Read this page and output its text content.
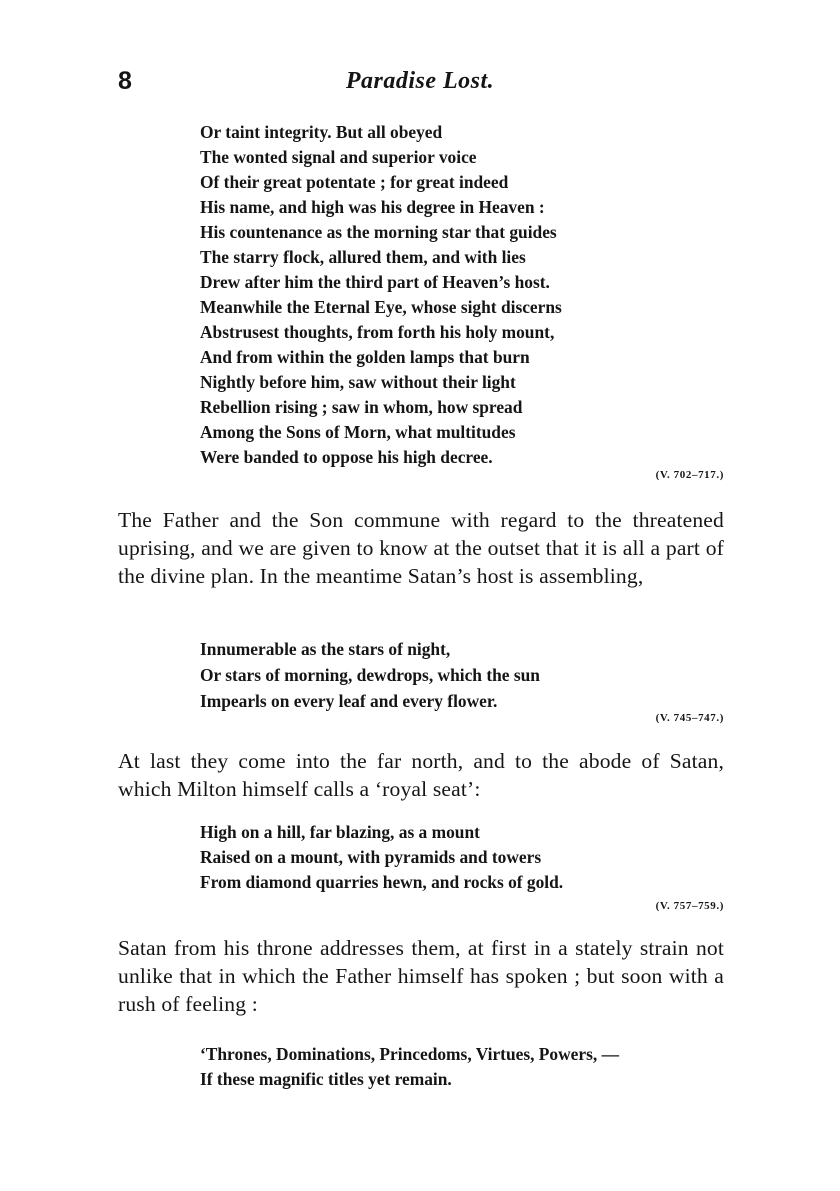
8	Paradise Lost.
Or taint integrity. But all obeyed
The wonted signal and superior voice
Of their great potentate ; for great indeed
His name, and high was his degree in Heaven :
His countenance as the morning star that guides
The starry flock, allured them, and with lies
Drew after him the third part of Heaven’s host.
Meanwhile the Eternal Eye, whose sight discerns
Abstrusest thoughts, from forth his holy mount,
And from within the golden lamps that burn
Nightly before him, saw without their light
Rebellion rising ; saw in whom, how spread
Among the Sons of Morn, what multitudes
Were banded to oppose his high decree.
(V. 702–717.)
The Father and the Son commune with regard to the threatened uprising, and we are given to know at the outset that it is all a part of the divine plan. In the meantime Satan’s host is assembling,
Innumerable as the stars of night,
Or stars of morning, dewdrops, which the sun
Impearls on every leaf and every flower.
(V. 745–747.)
At last they come into the far north, and to the abode of Satan, which Milton himself calls a ‘royal seat’:
High on a hill, far blazing, as a mount
Raised on a mount, with pyramids and towers
From diamond quarries hewn, and rocks of gold.
(V. 757–759.)
Satan from his throne addresses them, at first in a stately strain not unlike that in which the Father himself has spoken ; but soon with a rush of feeling :
‘Thrones, Dominations, Princedoms, Virtues, Powers, —
If these magnific titles yet remain.
